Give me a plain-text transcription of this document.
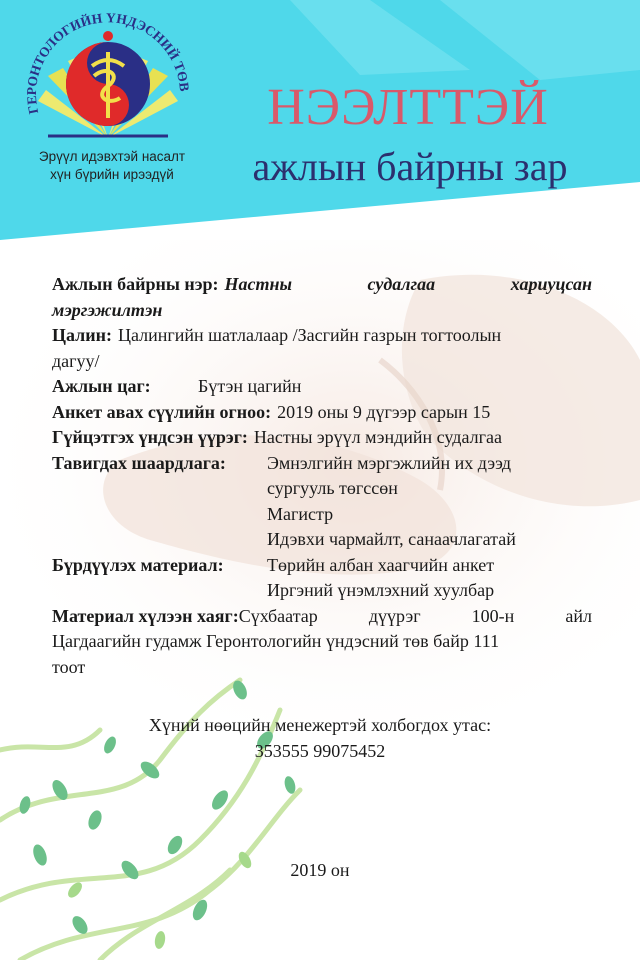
ГЕРОНТОЛОГИЙН ҮНДЭСНИЙ ТӨВ
Эрүүл идэвхтэй насалт
хүн бүрийн ирээдүй
НЭЭЛТТЭЙ
ажлын байрны зар
Ажлын байрны нэр: Настны судалгаа хариуцсан
мэргэжилтэн
Цалин: Цалингийн шатлалаар /Засгийн газрын тогтоолын
дагуу/
Ажлын цаг:	Бүтэн цагийн
Анкет авах сүүлийн огноо: 2019 оны 9 дүгээр сарын 15
Гүйцэтгэх үндсэн үүрэг: Настны эрүүл мэндийн судалгаа
Тавигдах шаардлага:	Эмнэлгийн мэргэжлийн их дээд
сургууль төгссөн
Магистр
Идэвхи чармайлт, санаачлагатай
Бүрдүүлэх материал:	Төрийн албан хаагчийн анкет
Иргэний үнэмлэхний хуулбар
Материал хүлээн хаяг: Сүхбаатар дүүрэг 100-н айл
Цагдаагийн гудамж Геронтологийн үндэсний төв байр 111
тоот
Хүний нөөцийн менежертэй холбогдох утас:
353555 99075452
2019 он
